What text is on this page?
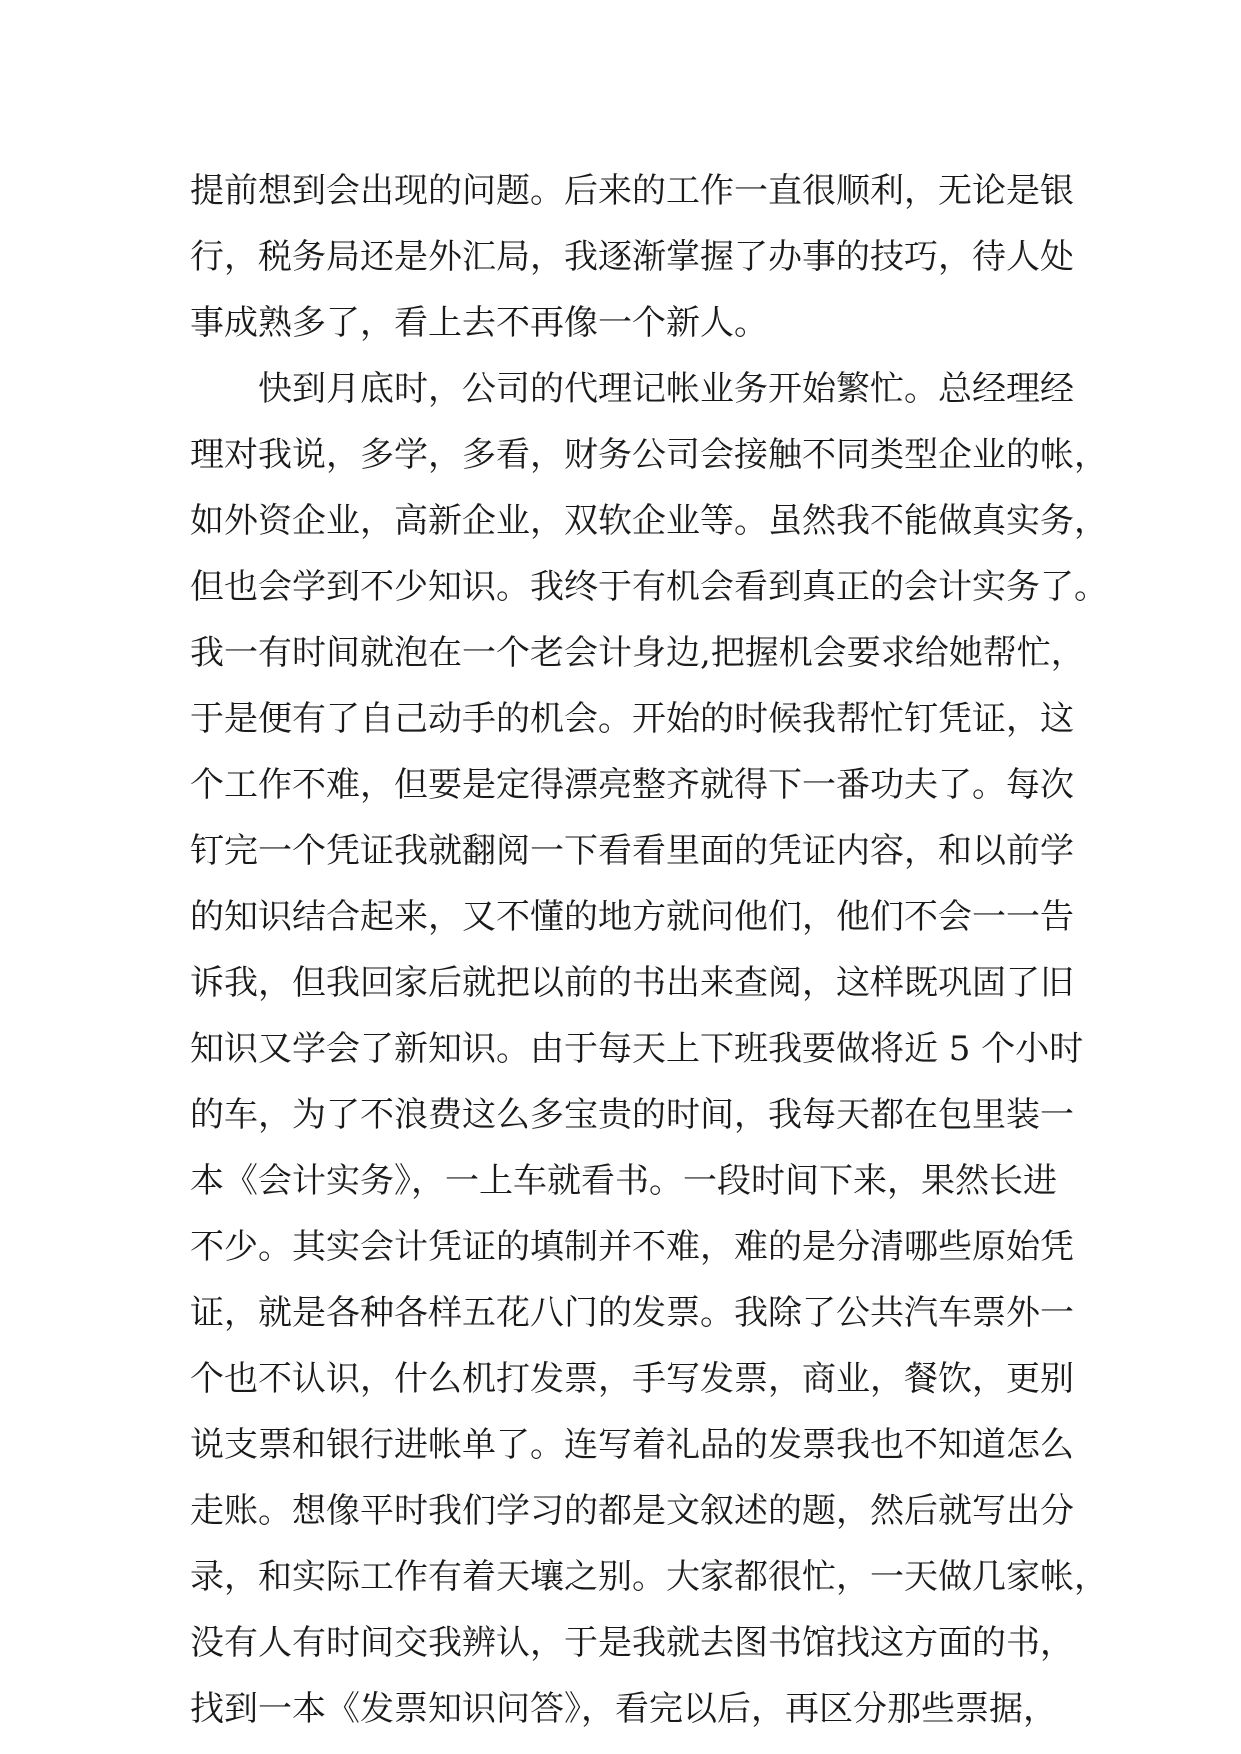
提前想到会出现的问题。后来的工作一直很顺利，无论是银
行，税务局还是外汇局，我逐渐掌握了办事的技巧，待人处
事成熟多了，看上去不再像一个新人。
快到月底时，公司的代理记帐业务开始繁忙。总经理经
理对我说，多学，多看，财务公司会接触不同类型企业的帐，
如外资企业，高新企业，双软企业等。虽然我不能做真实务，
但也会学到不少知识。我终于有机会看到真正的会计实务了。
我一有时间就泡在一个老会计身边,把握机会要求给她帮忙，
于是便有了自己动手的机会。开始的时候我帮忙钉凭证，这
个工作不难，但要是定得漂亮整齐就得下一番功夫了。每次
钉完一个凭证我就翻阅一下看看里面的凭证内容，和以前学
的知识结合起来，又不懂的地方就问他们，他们不会一一告
诉我，但我回家后就把以前的书出来查阅，这样既巩固了旧
知识又学会了新知识。由于每天上下班我要做将近 5 个小时
的车，为了不浪费这么多宝贵的时间，我每天都在包里装一
本《会计实务》，一上车就看书。一段时间下来，果然长进
不少。其实会计凭证的填制并不难，难的是分清哪些原始凭
证，就是各种各样五花八门的发票。我除了公共汽车票外一
个也不认识，什么机打发票，手写发票，商业，餐饮，更别
说支票和银行进帐单了。连写着礼品的发票我也不知道怎么
走账。想像平时我们学习的都是文叙述的题，然后就写出分
录，和实际工作有着天壤之别。大家都很忙，一天做几家帐，
没有人有时间交我辨认，于是我就去图书馆找这方面的书，
找到一本《发票知识问答》，看完以后，再区分那些票据，
